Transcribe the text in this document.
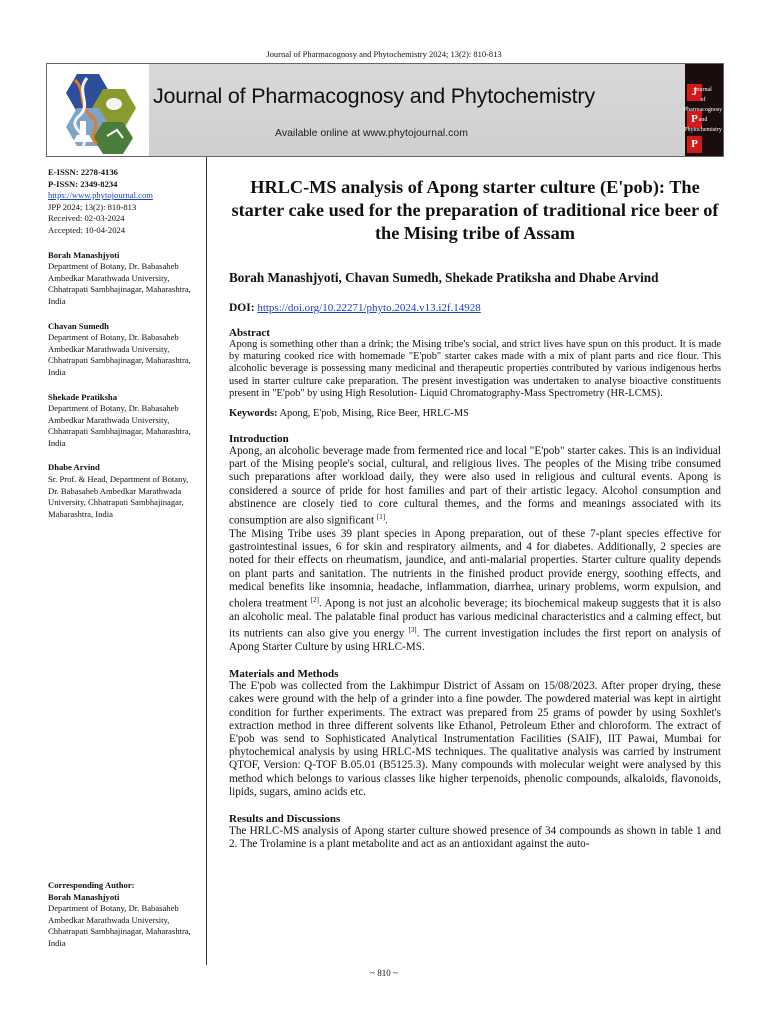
Journal of Pharmacognosy and Phytochemistry 2024; 13(2): 810-813
Journal of Pharmacognosy and Phytochemistry
Available online at www.phytojournal.com
J
P
P
Journal
of
Pharmacognosy
and
Phytochemistry
E-ISSN: 2278-4136
P-ISSN: 2349-8234
https://www.phytojournal.com
JPP 2024; 13(2): 810-813
Received: 02-03-2024
Accepted: 10-04-2024
Borah Manashjyoti
Department of Botany, Dr. Babasaheb Ambedkar Marathwada University, Chhatrapati Sambhajinagar, Maharashtra, India
Chavan Sumedh
Department of Botany, Dr. Babasaheb Ambedkar Marathwada University, Chhatrapati Sambhajinagar, Maharashtra, India
Shekade Pratiksha
Department of Botany, Dr. Babasaheb Ambedkar Marathwada University, Chhatrapati Sambhajinagar, Maharashtra, India
Dhabe Arvind
Sr. Prof. & Head, Department of Botany, Dr. Babasaheb Ambedkar Marathwada University, Chhatrapati Sambhajinagar, Maharashtra, India
Corresponding Author:
Borah Manashjyoti
Department of Botany, Dr. Babasaheb Ambedkar Marathwada University, Chhatrapati Sambhajinagar, Maharashtra, India
HRLC-MS analysis of Apong starter culture (E'pob): The starter cake used for the preparation of traditional rice beer of the Mising tribe of Assam
Borah Manashjyoti, Chavan Sumedh, Shekade Pratiksha and Dhabe Arvind
DOI: https://doi.org/10.22271/phyto.2024.v13.i2f.14928
Abstract

Apong is something other than a drink; the Mising tribe's social, and strict lives have spun on this product. It is made by maturing cooked rice with homemade "E'pob" starter cakes made with a mix of plant parts and rice flour. This alcoholic beverage is possessing many medicinal and therapeutic properties contributed by various indigenous herbs used in starter culture cake preparation. The present investigation was undertaken to analyse bioactive constituents present in "E'pob" by using High Resolution- Liquid Chromatography-Mass Spectrometry (HR-LCMS).

Keywords: Apong, E'pob, Mising, Rice Beer, HRLC-MS
Introduction

Apong, an alcoholic beverage made from fermented rice and local "E'pob" starter cakes. This is an individual part of the Mising people's social, cultural, and religious lives. The peoples of the Mising tribe consumed such preparations after workload daily, they were also used in religious and cultural events. Apong is considered a source of pride for host families and part of their artistic legacy. Alcohol consumption and abstinence are closely tied to core cultural themes, and the forms and meanings associated with its consumption are also significant [1].

The Mising Tribe uses 39 plant species in Apong preparation, out of these 7-plant species effective for gastrointestinal issues, 6 for skin and respiratory ailments, and 4 for diabetes. Additionally, 2 species are noted for their effects on rheumatism, jaundice, and anti-malarial properties. Starter culture quality depends on plant parts and sanitation. The nutrients in the finished product provide energy, soothing effects, and medical benefits like insomnia, headache, inflammation, diarrhea, urinary problems, worm expulsion, and cholera treatment [2]. Apong is not just an alcoholic beverage; its biochemical makeup suggests that it is also an alcoholic meal. The palatable final product has various medicinal characteristics and a calming effect, but its nutrients can also give you energy [3]. The current investigation includes the first report on analysis of Apong Starter Culture by using HRLC-MS.

Materials and Methods

The E'pob was collected from the Lakhimpur District of Assam on 15/08/2023. After proper drying, these cakes were ground with the help of a grinder into a fine powder. The powdered material was kept in airtight condition for further experiments. The extract was prepared from 25 grams of powder by using Soxhlet's extraction method in three different solvents like Ethanol, Petroleum Ether and chloroform. The extract of E'pob was send to Sophisticated Analytical Instrumentation Facilities (SAIF), IIT Pawai, Mumbai for phytochemical analysis by using HRLC-MS techniques. The qualitative analysis was carried by instrument QTOF, Version: Q-TOF B.05.01 (B5125.3). Many compounds with molecular weight were analysed by this method which belongs to various classes like higher terpenoids, phenolic compounds, alkaloids, flavonoids, lipids, sugars, amino acids etc.

Results and Discussions

The HRLC-MS analysis of Apong starter culture showed presence of 34 compounds as shown in table 1 and 2. The Trolamine is a plant metabolite and act as an antioxidant against the auto-

~ 810 ~
